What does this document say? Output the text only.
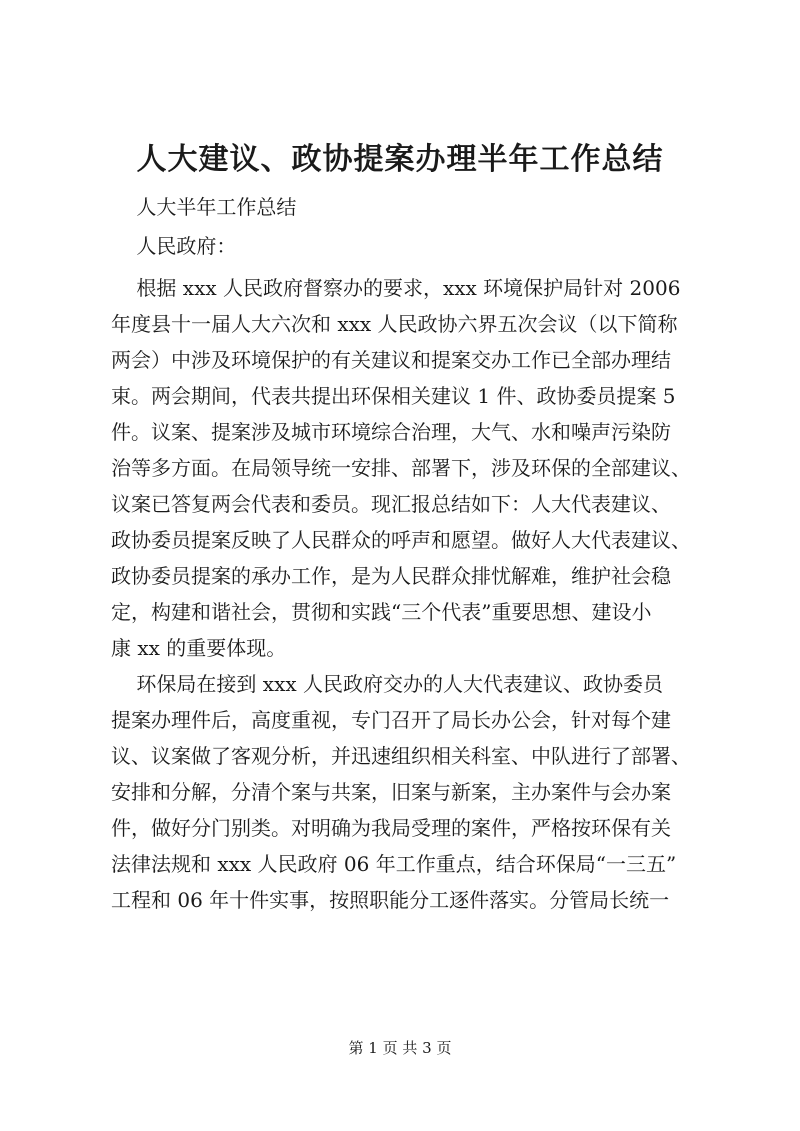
人大建议、政协提案办理半年工作总结

人大半年工作总结

人民政府：

根据 xxx 人民政府督察办的要求，xxx 环境保护局针对 2006

年度县十一届人大六次和 xxx 人民政协六界五次会议（以下简称

两会）中涉及环境保护的有关建议和提案交办工作已全部办理结

束。两会期间，代表共提出环保相关建议 1 件、政协委员提案 5

件。议案、提案涉及城市环境综合治理，大气、水和噪声污染防

治等多方面。在局领导统一安排、部署下，涉及环保的全部建议、

议案已答复两会代表和委员。现汇报总结如下：人大代表建议、

政协委员提案反映了人民群众的呼声和愿望。做好人大代表建议、

政协委员提案的承办工作，是为人民群众排忧解难，维护社会稳

定，构建和谐社会，贯彻和实践“三个代表”重要思想、建设小

康 xx 的重要体现。

环保局在接到 xxx 人民政府交办的人大代表建议、政协委员

提案办理件后，高度重视，专门召开了局长办公会，针对每个建

议、议案做了客观分析，并迅速组织相关科室、中队进行了部署、

安排和分解，分清个案与共案，旧案与新案，主办案件与会办案

件，做好分门别类。对明确为我局受理的案件，严格按环保有关

法律法规和 xxx 人民政府 06 年工作重点，结合环保局“一三五”

工程和 06 年十件实事，按照职能分工逐件落实。分管局长统一

第 1 页 共 3 页
